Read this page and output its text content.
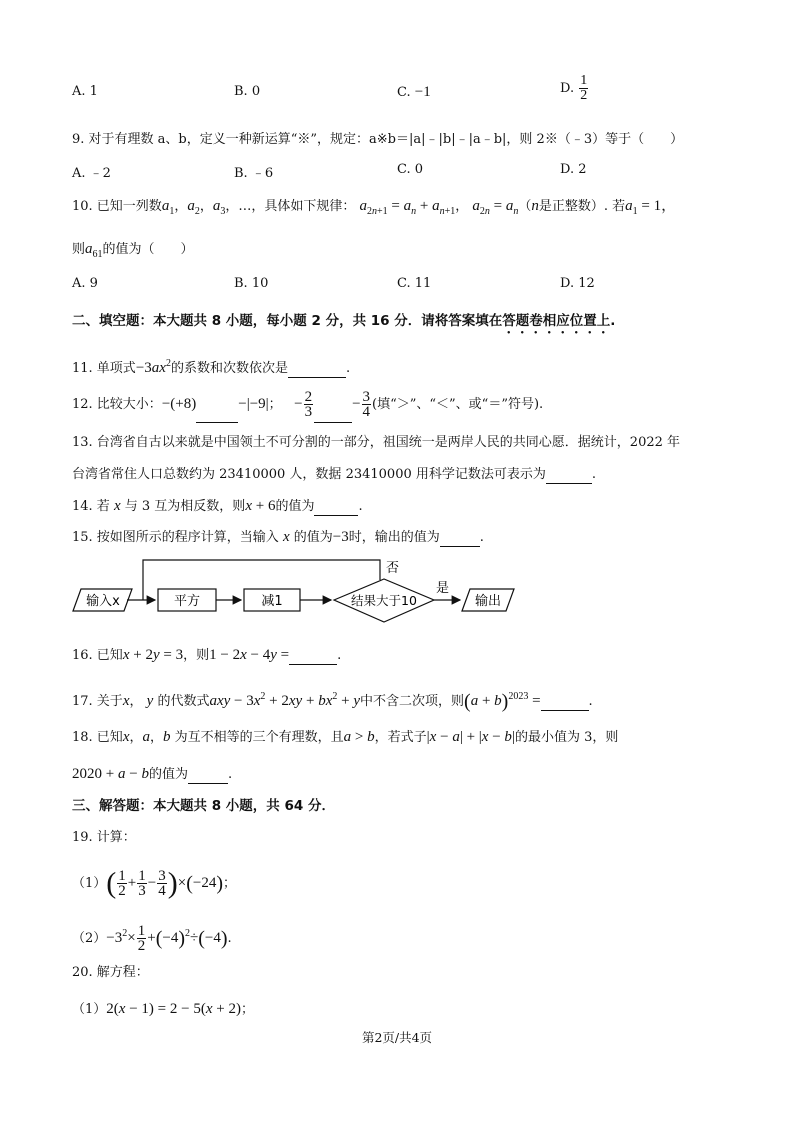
A. 1	B. 0	C. −1	D. $\frac{1}{2}$
9. 对于有理数 a、b，定义一种新运算“※”，规定：a※b＝|a|﹣|b|﹣|a﹣b|，则 2※（﹣3）等于（　　）
A. ﹣2	B. ﹣6	C. 0	D. 2
10. 已知一列数$a_1$，$a_2$，$a_3$，…，具体如下规律： $a_{2n+1} = a_n + a_{n+1}$， $a_{2n} = a_n(n$是正整数）. 若$a_1 = 1$，
则$a_{61}$的值为（　　）
A. 9	B. 10	C. 11	D. 12
二、填空题：本大题共 8 小题，每小题 2 分，共 16 分．请将答案填在答题卷相应位置上.
11. 单项式$-3ax^2$的系数和次数依次是	.
12. 比较大小：−(+8)	−|−9|； − $\frac{2}{3}$	− $\frac{3}{4}$ (填“＞”、“＜”、或“＝”符号).
13. 台湾省自古以来就是中国领土不可分割的一部分，祖国统一是两岸人民的共同心愿．据统计，2022 年
台湾省常住人口总数约为 23410000 人，数据 23410000 用科学记数法可表示为	.
14. 若 x 与 3 互为相反数，则x + 6的值为	.
15. 按如图所示的程序计算，当输入 x 的值为−3时，输出的值为	.
输入x	平方	减1	结果大于10
否
是
输出
16. 已知x + 2y = 3，则1 − 2x − 4y =	.
17. 关于x， y 的代数式axy − $3x^2 + 2xy + bx^2 + y$中不含二次项，则$(a + b)^{2023}$ =	.
18. 已知x，a，b 为互不相等的三个有理数，且a > b，若式子|x − a| + |x − b|的最小值为 3，则
2020 + a − b的值为	.
三、解答题：本大题共 8 小题，共 64 分．
19. 计算：
$(1)( \frac{1}{2} + \frac{1}{3} - \frac{3}{4} )\times(-24)$；
$(2)-3^2\times \frac{1}{2} +(-4)^2\div(-4)$.
20. 解方程：
（1）2(x − 1) = 2 − 5(x + 2)；
第2页/共4页
